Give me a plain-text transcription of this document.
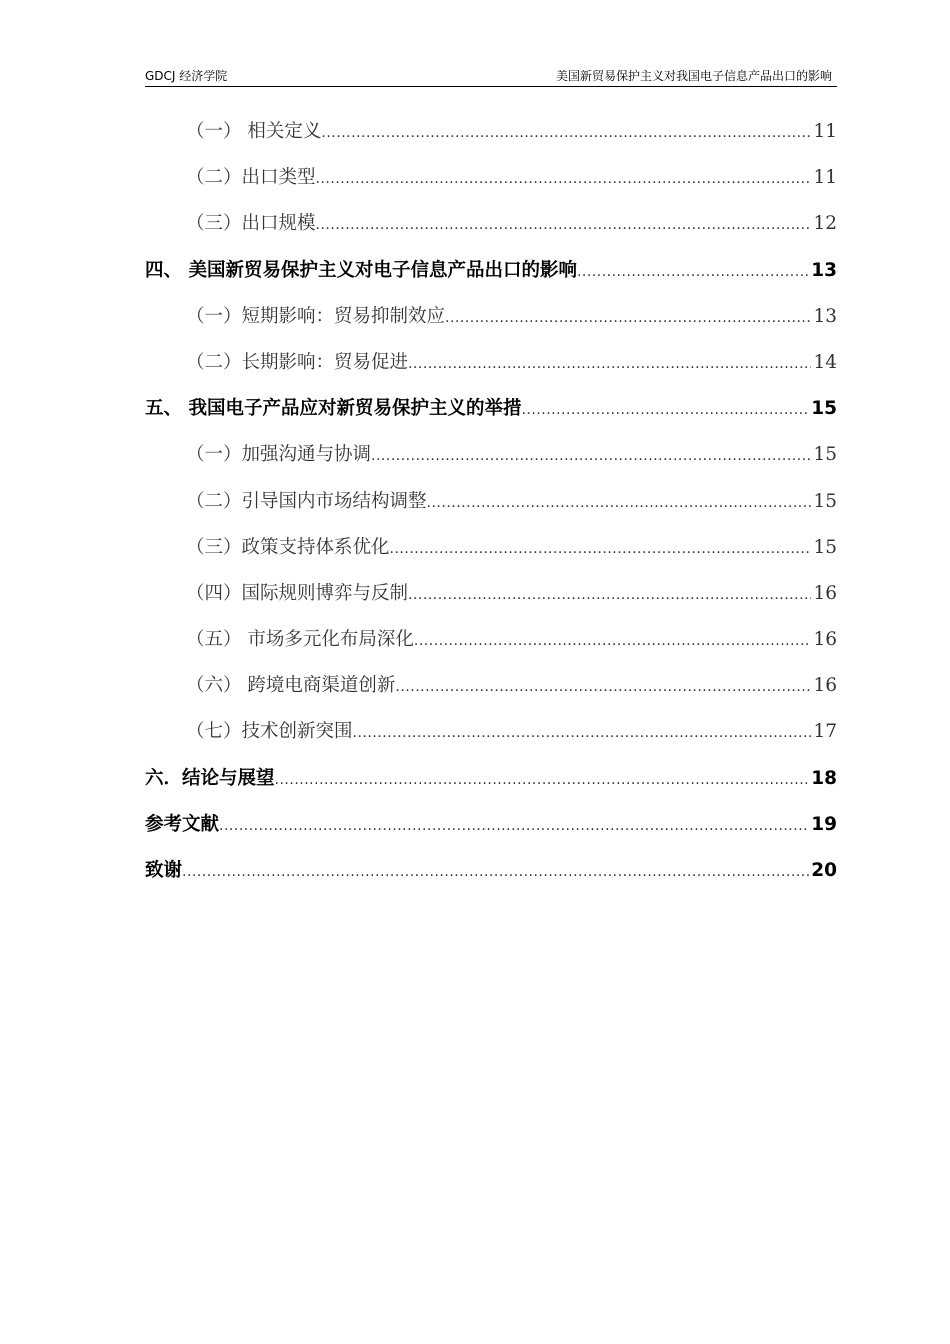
GDCJ 经济学院	美国新贸易保护主义对我国电子信息产品出口的影响
（一） 相关定义 .....	11
（二）出口类型 .....	11
（三）出口规模 .....	12
四、 美国新贸易保护主义对电子信息产品出口的影响 .....	13
（一）短期影响：贸易抑制效应 .....	13
（二）长期影响：贸易促进 .....	14
五、 我国电子产品应对新贸易保护主义的举措 .....	15
（一）加强沟通与协调 .....	15
（二）引导国内市场结构调整 .....	15
（三）政策支持体系优化 .....	15
（四）国际规则博弈与反制 .....	16
（五） 市场多元化布局深化 .....	16
（六） 跨境电商渠道创新 .....	16
（七）技术创新突围 .....	17
六．结论与展望 .....	18
参考文献 .....	19
致谢 .....	20
